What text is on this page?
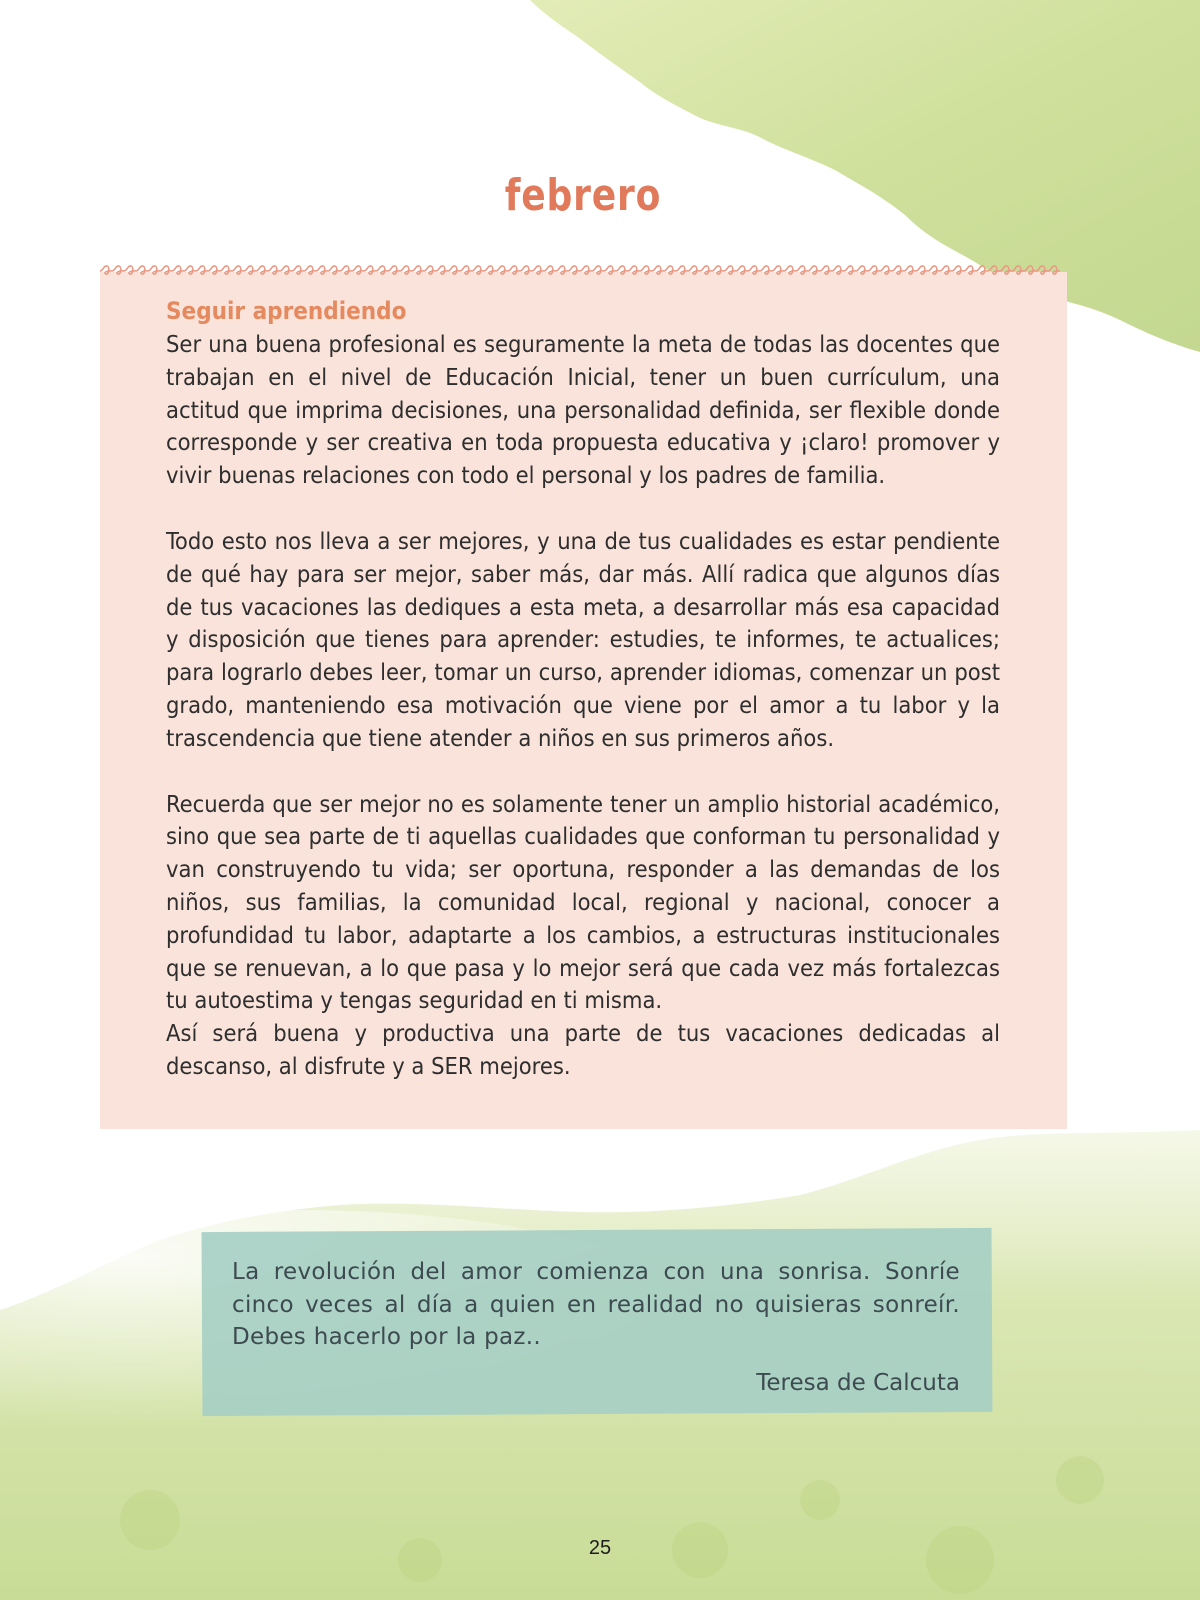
febrero

Seguir aprendiendo

Ser una buena profesional es seguramente la meta de todas las docentes que trabajan en el nivel de Educación Inicial, tener un buen currículum, una actitud que imprima decisiones, una personalidad definida, ser flexible donde corresponde y ser creativa en toda propuesta educativa y ¡claro! promover y vivir buenas relaciones con todo el personal y los padres de familia.

Todo esto nos lleva a ser mejores, y una de tus cualidades es estar pendiente de qué hay para ser mejor, saber más, dar más. Allí radica que algunos días de tus vacaciones las dediques a esta meta, a desarrollar más esa capacidad y disposición que tienes para aprender: estudies, te informes, te actualices; para lograrlo debes leer, tomar un curso, aprender idiomas, comenzar un post grado, manteniendo esa motivación que viene por el amor a tu labor y la trascendencia que tiene atender a niños en sus primeros años.

Recuerda que ser mejor no es solamente tener un amplio historial académico, sino que sea parte de ti aquellas cualidades que conforman tu personalidad y van construyendo tu vida; ser oportuna, responder a las demandas de los niños, sus familias, la comunidad local, regional y nacional, conocer a profundidad tu labor, adaptarte a los cambios, a estructuras institucionales que se renuevan, a lo que pasa y lo mejor será que cada vez más fortalezcas tu autoestima y tengas seguridad en ti misma.

Así será buena y productiva una parte de tus vacaciones dedicadas al descanso, al disfrute y a SER mejores.

La revolución del amor comienza con una sonrisa. Sonríe cinco veces al día a quien en realidad no quisieras sonreír. Debes hacerlo por la paz..
Teresa de Calcuta
25
